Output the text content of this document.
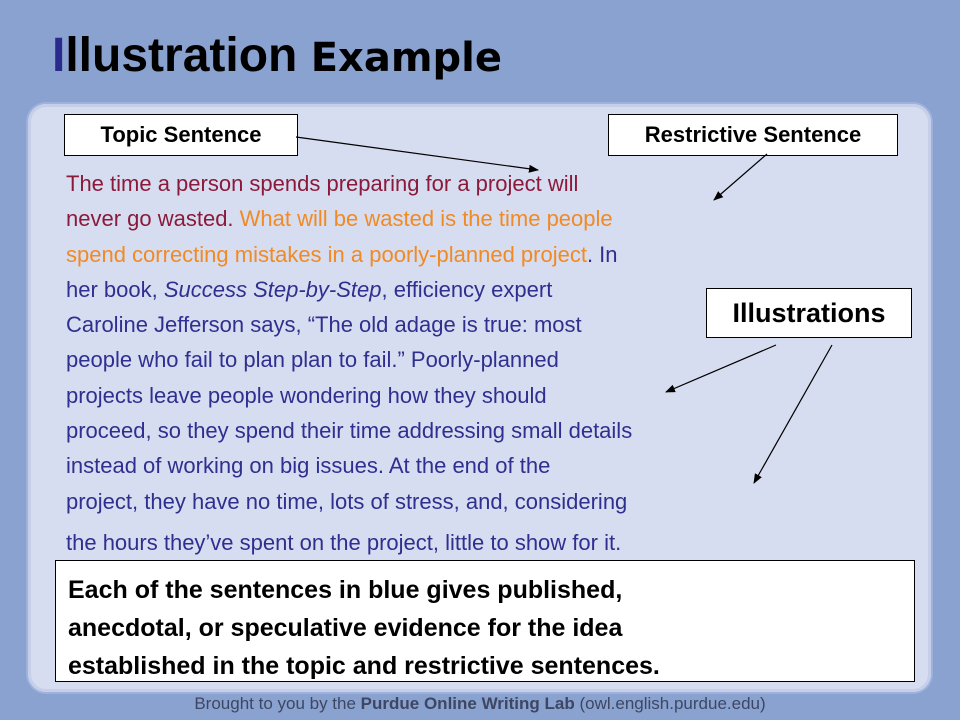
Illustration Example
Topic Sentence	Restrictive Sentence
Illustrations
The time a person spends preparing for a project will
never go wasted. What will be wasted is the time people
spend correcting mistakes in a poorly-planned project. In
her book, Success Step-by-Step, efficiency expert
Caroline Jefferson says, “The old adage is true: most
people who fail to plan plan to fail.” Poorly-planned
projects leave people wondering how they should
proceed, so they spend their time addressing small details
instead of working on big issues. At the end of the
project, they have no time, lots of stress, and, considering
the hours they’ve spent on the project, little to show for it.
Each of the sentences in blue gives published,
anecdotal, or speculative evidence for the idea
established in the topic and restrictive sentences.
Brought to you by the Purdue Online Writing Lab (owl.english.purdue.edu)
